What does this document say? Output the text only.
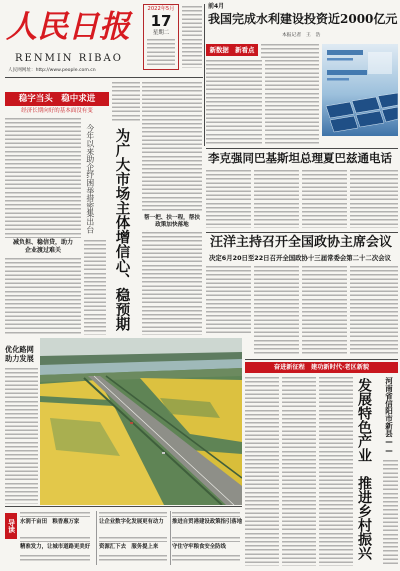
人民日报
RENMIN RIBAO
人民网网址：http://www.people.com.cn
2022年5月
17
星期二
前4月
我国完成水利建设投资近2000亿元
本报记者　王　浩
新数据　新看点
稳字当头　稳中求进
经济长期向好的基本面没有变
减负担、稳信贷，助力
企业渡过难关
今年以来助企纾困举措密集出台 为广大市场主体增信心、稳预期	帮一把、扶一程，帮扶
政策加快落地
李克强同巴基斯坦总理夏巴兹通电话
汪洋主持召开全国政协主席会议
决定6月20日至22日召开全国政协十三届常委会第二十二次会议
优化路网
助力发展
奋进新征程　建功新时代·老区新貌
发展特色产业　推进乡村振兴 河南省信阳市新县——
导读 水润千亩田　粮香惠万家
精准发力，让城市道路更美好
让企业数字化发展更有动力
资源汇下去　服务提上来
推进自贸港建设政策指引落地
守住守牢粮食安全防线
